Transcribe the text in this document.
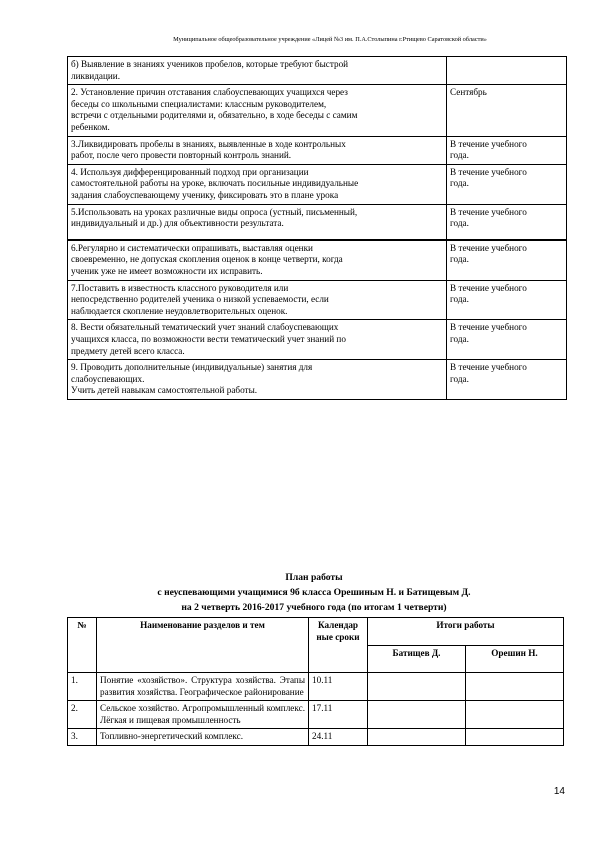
Муниципальное общеобразовательное учреждение «Лицей №3 им. П.А.Столыпина г.Ртищево Саратовской области»
б) Выявление в знаниях учеников пробелов, которые требуют быстрой
ликвидации.	

2. Установление причин отставания слабоуспевающих учащихся через
беседы со школьными специалистами: классным руководителем,
встречи с отдельными родителями и, обязательно, в ходе беседы с самим
ребенком.	Сентябрь

3.Ликвидировать пробелы в знаниях, выявленные в ходе контрольных
работ, после чего провести повторный контроль знаний.	В течение учебного
года.

4. Используя дифференцированный подход при организации
самостоятельной работы на уроке, включать посильные индивидуальные
задания слабоуспевающему ученику, фиксировать это в плане урока	В течение учебного
года.

5.Использовать на уроках различные виды опроса (устный, письменный,
индивидуальный и др.) для объективности результата.	В течение учебного
года.

6.Регулярно и систематически опрашивать, выставляя оценки
своевременно, не допуская скопления оценок в конце четверти, когда
ученик уже не имеет возможности их исправить.	В течение учебного
года.

7.Поставить в известность классного руководителя или
непосредственно родителей ученика о низкой успеваемости, если
наблюдается скопление неудовлетворительных оценок.	В течение учебного
года.

8. Вести обязательный тематический учет знаний слабоуспевающих
учащихся класса, по возможности вести тематический учет знаний по
предмету детей всего класса.	В течение учебного
года.

9. Проводить дополнительные (индивидуальные) занятия для
слабоуспевающих.
Учить детей навыкам самостоятельной работы.	В течение учебного
года.
План работы
с неуспевающими учащимися 9б класса Орешиным Н. и Батищевым Д.
на 2 четверть 2016-2017 учебного года (по итогам 1 четверти)
№	Наименование разделов и тем	Календар
ные сроки	Итоги работы	
			Батищев Д.	Орешин Н.
1.	Понятие «хозяйство». Структура хозяйства. Этапы развития хозяйства. Географическое районирование	10.11		
2.	Сельское хозяйство. Агропромышленный комплекс. Лёгкая и пищевая промышленность	17.11		
3.	Топливно-энергетический комплекс.	24.11		
14
